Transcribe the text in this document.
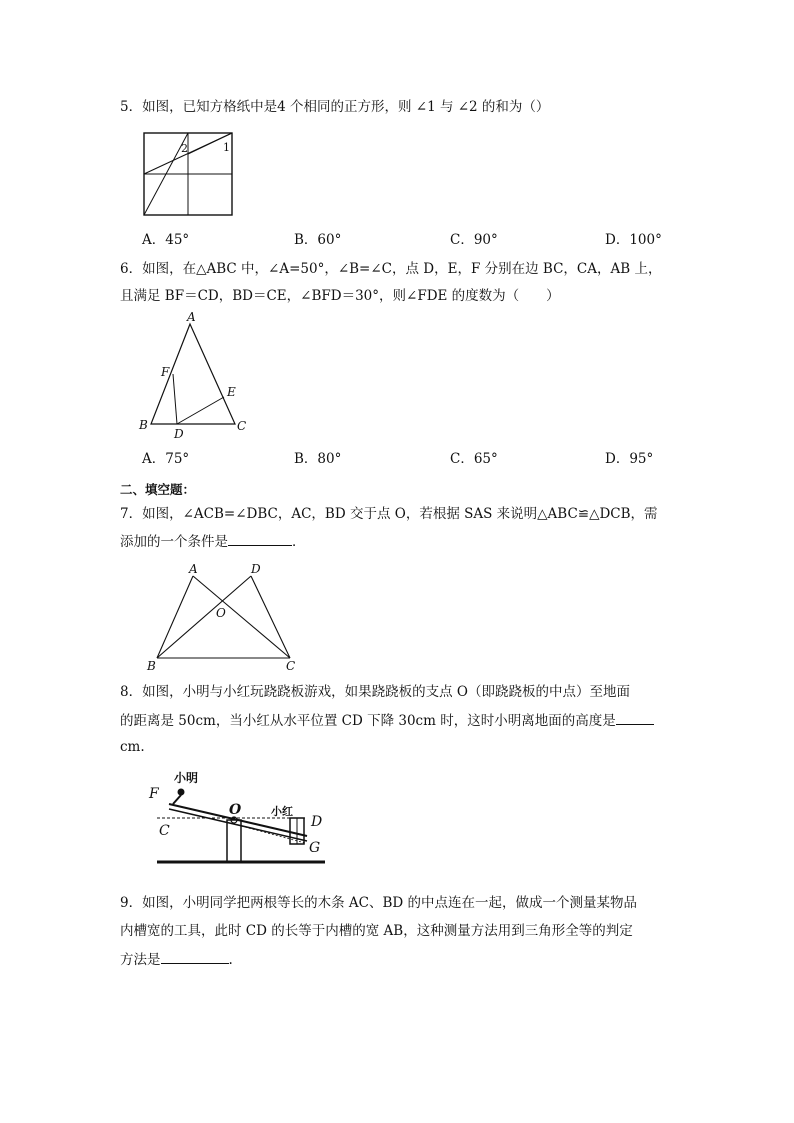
5．如图，已知方格纸中是4 个相同的正方形，则 ∠1 与 ∠2 的和为（）
2	1
A．45°	B．60°	C．90°	D．100°
6．如图，在△ABC 中，∠A=50°，∠B=∠C，点 D，E，F 分别在边 BC，CA，AB 上，
且满足 BF＝CD，BD＝CE，∠BFD＝30°，则∠FDE 的度数为（　　）
A
F
E
B
D
C
A．75°	B．80°	C．65°	D．95°
二、填空题：
7．如图，∠ACB=∠DBC，AC，BD 交于点 O，若根据 SAS 来说明△ABC≌△DCB，需
添加的一个条件是	．
A	D
O
B	C
8．如图，小明与小红玩跷跷板游戏，如果跷跷板的支点 O（即跷跷板的中点）至地面
的距离是 50cm，当小红从水平位置 CD 下降 30cm 时，这时小明离地面的高度是
cm.
小明
小红
F
C
O
D
G
9．如图，小明同学把两根等长的木条 AC、BD 的中点连在一起，做成一个测量某物品
内槽宽的工具，此时 CD 的长等于内槽的宽 AB，这种测量方法用到三角形全等的判定
方法是	.
